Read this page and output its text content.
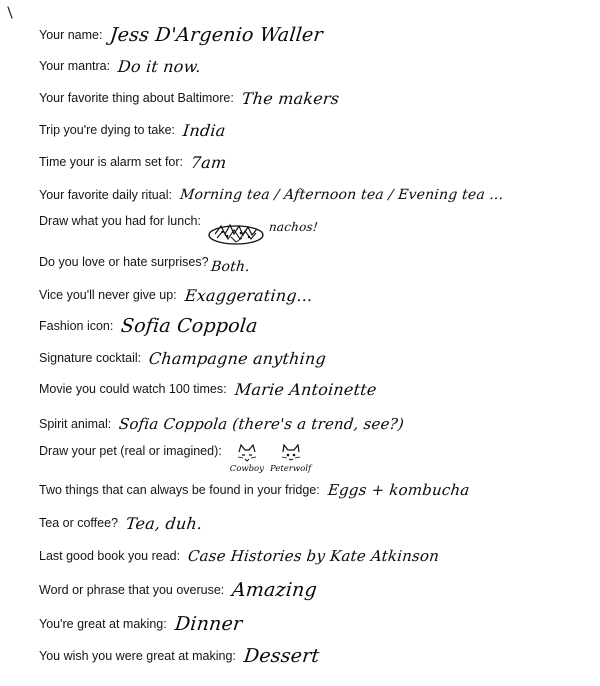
Your name: Jess D'Argenio Waller
Your mantra: Do it now.
Your favorite thing about Baltimore: The makers
Trip you're dying to take: India
Time your is alarm set for: 7am
Your favorite daily ritual: Morning tea / Afternoon tea / Evening tea ...
Draw what you had for lunch:	nachos!
Do you love or hate surprises? Both.
Vice you'll never give up: Exaggerating...
Fashion icon: Sofia Coppola
Signature cocktail: Champagne anything
Movie you could watch 100 times: Marie Antoinette
Spirit animal: Sofia Coppola (there's a trend, see?)
Draw your pet (real or imagined):
Cowboy Peterwolf
Two things that can always be found in your fridge: Eggs + kombucha
Tea or coffee? Tea, duh.
Last good book you read: Case Histories by Kate Atkinson
Word or phrase that you overuse: Amazing
You're great at making: Dinner
You wish you were great at making: Dessert
